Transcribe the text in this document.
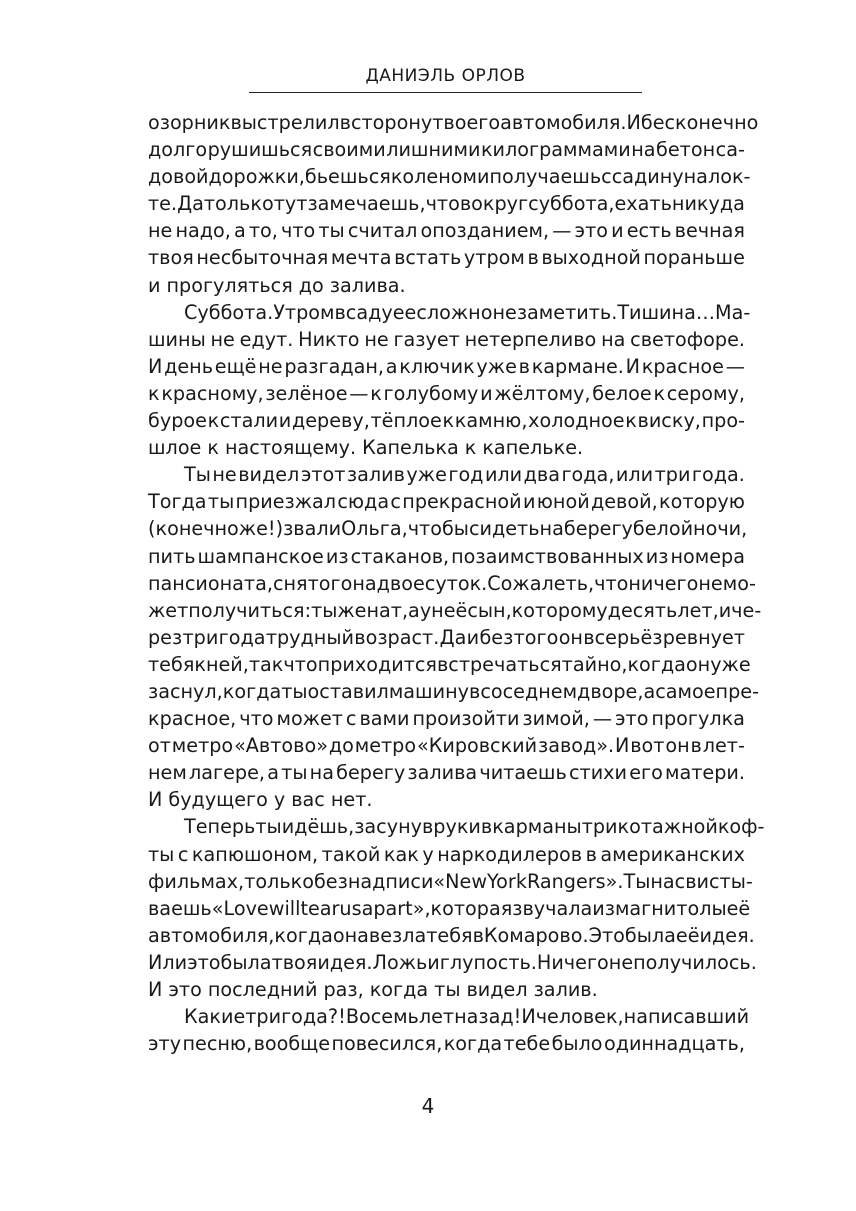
ДАНИЭЛЬ ОРЛОВ
озорник выстрелил в сторону твоего автомобиля. И бесконечно
долго рушишься своими лишними килограммами на бетон са-
довой дорожки, бьешься коленом и получаешь ссадину на лок-
те. Да только тут замечаешь, что вокруг суббота, ехать никуда
не надо, а то, что ты считал опозданием, — это и есть вечная
твоя несбыточная мечта встать утром в выходной пораньше
и прогуляться до залива.
Суббота. Утром в саду ее сложно не заметить. Тишина… Ма-
шины не едут. Никто не газует нетерпеливо на светофоре.
И день ещё не разгадан, а ключик уже в кармане. И красное —
к красному, зелёное — к голубому и жёлтому, белое к серому,
бурое к стали и дереву, тёплое к камню, холодное к виску, про-
шлое к настоящему. Капелька к капельке.
Ты не видел этот залив уже год или два года, или три года.
Тогда ты приезжал сюда с прекрасной и юной девой, которую
(конечно же!) звали Ольга, чтобы сидеть на берегу белой ночи,
пить шампанское из стаканов, позаимствованных из номера
пансионата, снятого на двое суток. Сожалеть, что ничего не мо-
жет получиться: ты женат, а у неё сын, которому десять лет, и че-
рез три года трудный возраст. Да и без того он всерьёз ревнует
тебя к ней, так что приходится встречаться тайно, когда он уже
заснул, когда ты оставил машину в соседнем дворе, а самое пре-
красное, что может с вами произойти зимой, — это прогулка
от метро «Автово» до метро «Кировский завод». И вот он в лет-
нем лагере, а ты на берегу залива читаешь стихи его матери.
И будущего у вас нет.
Теперь ты идёшь, засунув руки в карманы трикотажной коф-
ты с капюшоном, такой как у наркодилеров в американских
фильмах, только без надписи «New York Rangers». Ты насвисты-
ваешь «Love will tear us apart», которая звучала из магнитолы её
автомобиля, когда она везла тебя в Комарово. Это была её идея.
Или это была твоя идея. Ложь и глупость. Ничего не получилось.
И это последний раз, когда ты видел залив.
Какие три года?! Восемь лет назад! И человек, написавший
эту песню, вообще повесился, когда тебе было одиннадцать,
4
